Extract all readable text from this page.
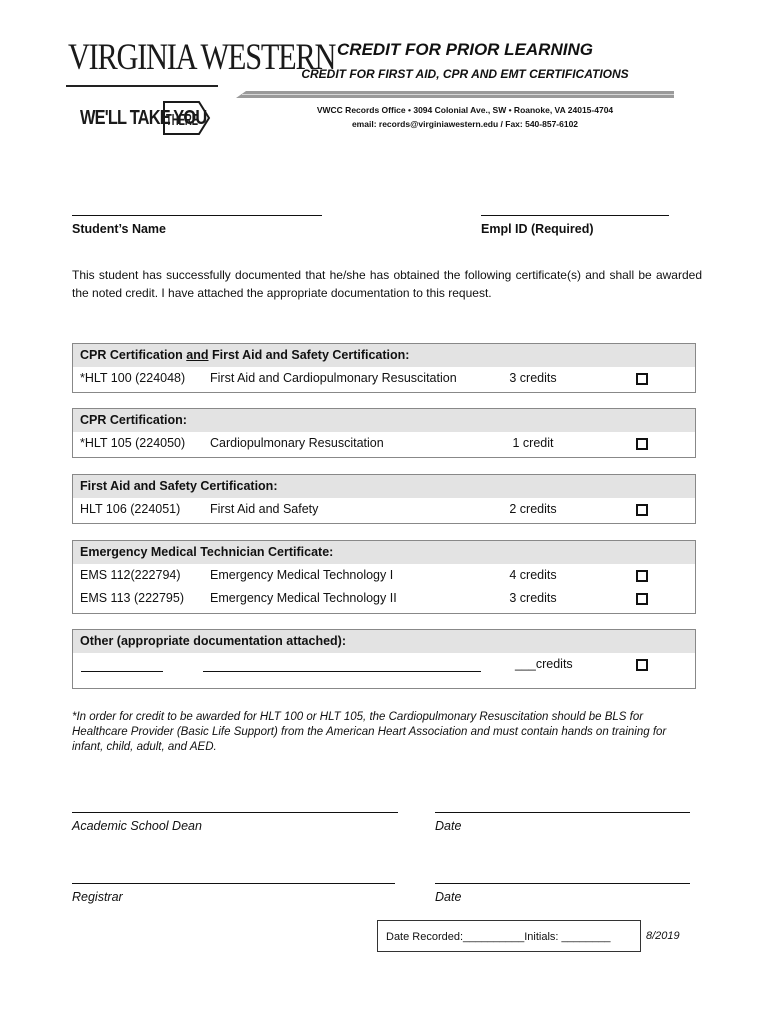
VIRGINIA WESTERN
WE'LL TAKE YOU
THERE
CREDIT FOR PRIOR LEARNING
CREDIT FOR FIRST AID, CPR AND EMT CERTIFICATIONS
VWCC Records Office • 3094 Colonial Ave., SW • Roanoke, VA 24015-4704
email: records@virginiawestern.edu / Fax: 540-857-6102
Student’s Name	Empl ID (Required)
This student has successfully documented that he/she has obtained the following certificate(s) and shall be awarded the noted credit. I have attached the appropriate documentation to this request.
CPR Certification and First Aid and Safety Certification:
*HLT 100 (224048) First Aid and Cardiopulmonary Resuscitation	3 credits
CPR Certification:
*HLT 105 (224050) Cardiopulmonary Resuscitation	1 credit
First Aid and Safety Certification:
HLT 106 (224051) First Aid and Safety	2 credits
Emergency Medical Technician Certificate:
EMS 112(222794) Emergency Medical Technology I	4 credits
EMS 113 (222795) Emergency Medical Technology II	3 credits
Other (appropriate documentation attached):
___credits
*In order for credit to be awarded for HLT 100 or HLT 105, the Cardiopulmonary Resuscitation should be BLS for Healthcare Provider (Basic Life Support) from the American Heart Association and must contain hands on training for infant, child, adult, and AED.
Academic School Dean	Date
Registrar	Date
Date Recorded:__________Initials: ________	8/2019
